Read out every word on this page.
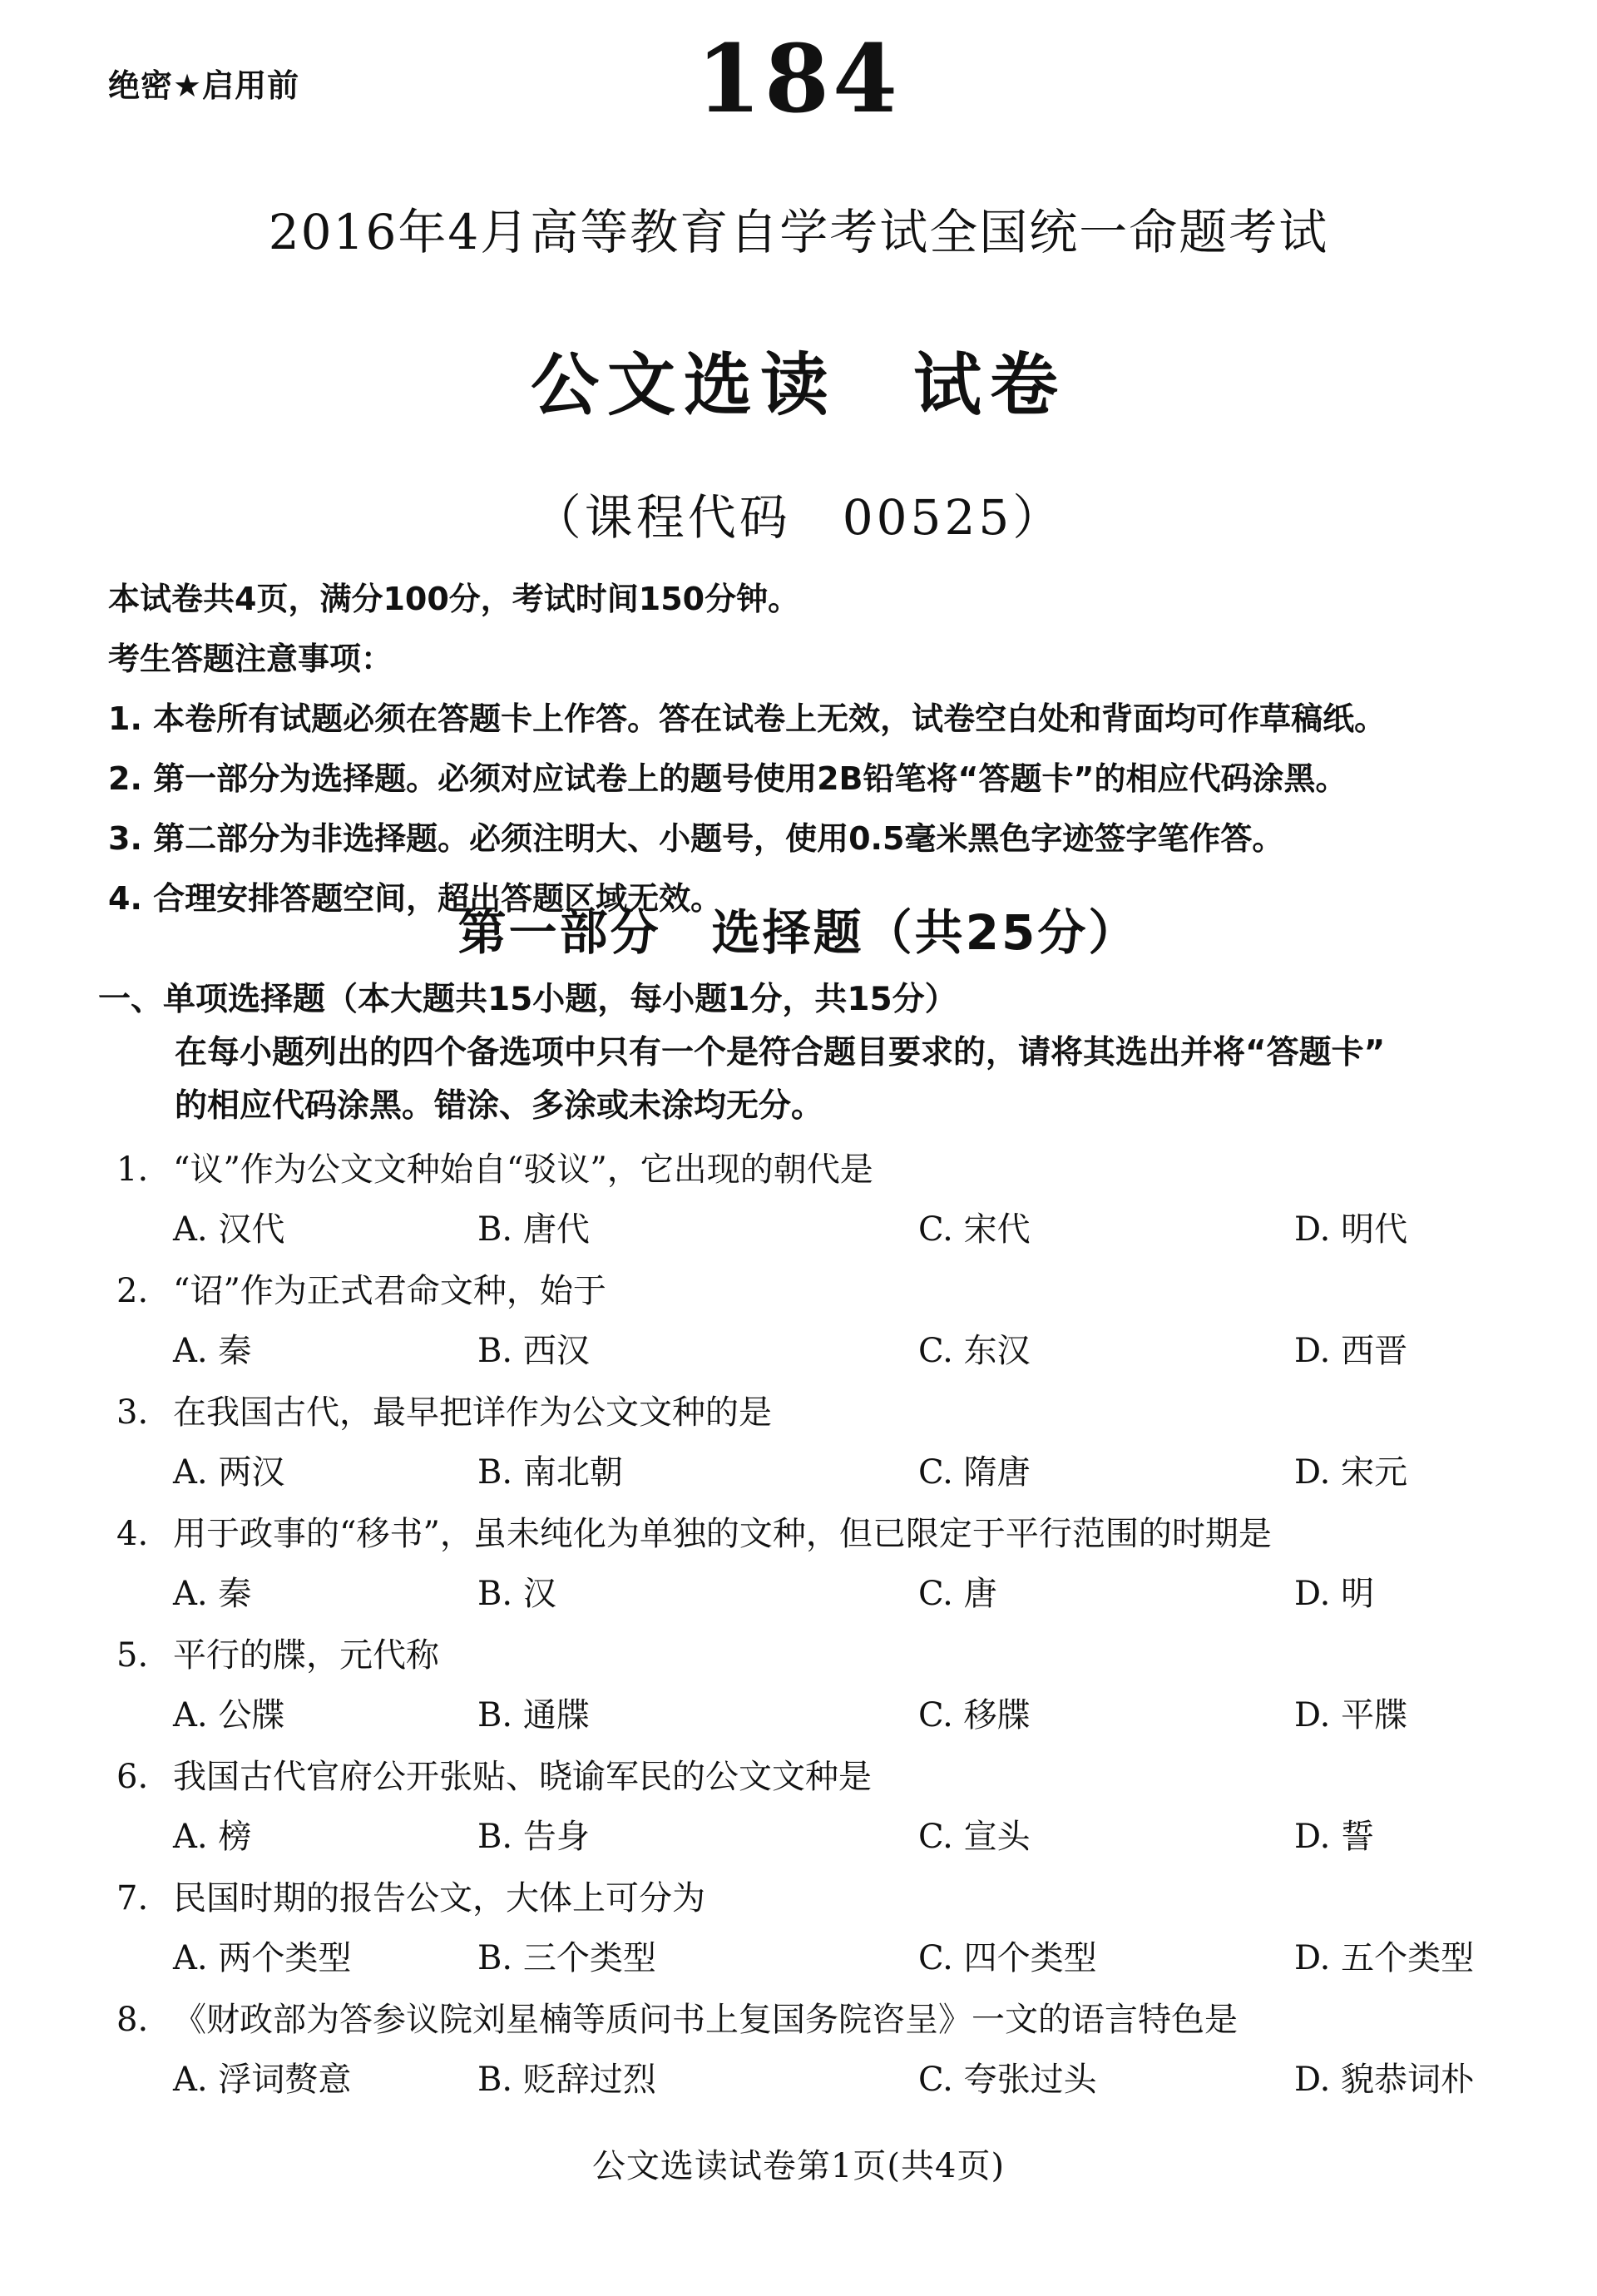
绝密★启用前	184
2016年4月高等教育自学考试全国统一命题考试
公文选读　试卷
（课程代码　00525）
本试卷共4页，满分100分，考试时间150分钟。
考生答题注意事项：
1. 本卷所有试题必须在答题卡上作答。答在试卷上无效，试卷空白处和背面均可作草稿纸。
2. 第一部分为选择题。必须对应试卷上的题号使用2B铅笔将“答题卡”的相应代码涂黑。
3. 第二部分为非选择题。必须注明大、小题号，使用0.5毫米黑色字迹签字笔作答。
4. 合理安排答题空间，超出答题区域无效。
第一部分　选择题（共25分）
一、单项选择题（本大题共15小题，每小题1分，共15分）
在每小题列出的四个备选项中只有一个是符合题目要求的，请将其选出并将“答题卡”
的相应代码涂黑。错涂、多涂或未涂均无分。
1. “议”作为公文文种始自“驳议”，它出现的朝代是
A. 汉代	B. 唐代	C. 宋代	D. 明代
2. “诏”作为正式君命文种，始于
A. 秦	B. 西汉	C. 东汉	D. 西晋
3. 在我国古代，最早把详作为公文文种的是
A. 两汉	B. 南北朝	C. 隋唐	D. 宋元
4. 用于政事的“移书”，虽未纯化为单独的文种，但已限定于平行范围的时期是
A. 秦	B. 汉	C. 唐	D. 明
5. 平行的牒，元代称
A. 公牒	B. 通牒	C. 移牒	D. 平牒
6. 我国古代官府公开张贴、晓谕军民的公文文种是
A. 榜	B. 告身	C. 宣头	D. 誓
7. 民国时期的报告公文，大体上可分为
A. 两个类型	B. 三个类型	C. 四个类型	D. 五个类型
8. 《财政部为答参议院刘星楠等质问书上复国务院咨呈》一文的语言特色是
A. 浮词赘意	B. 贬辞过烈	C. 夸张过头	D. 貌恭词朴
公文选读试卷第1页(共4页)
